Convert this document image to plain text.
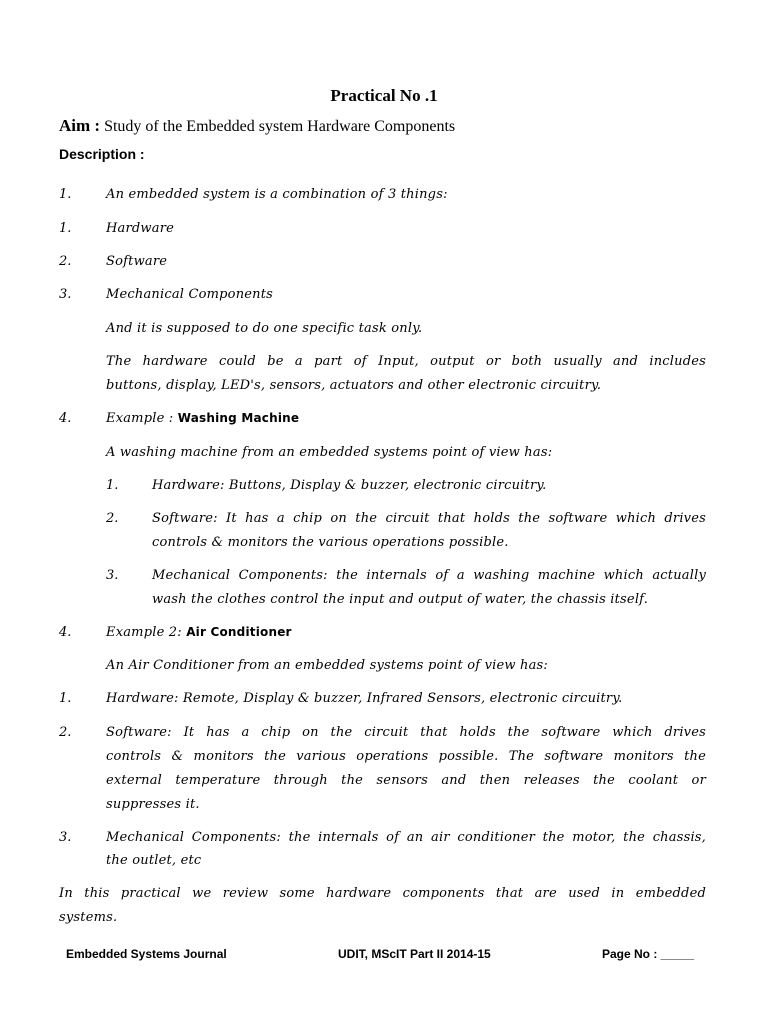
Practical No .1
Aim : Study of the Embedded system Hardware Components
Description :
1.	An embedded system is a combination of 3 things:
1.	Hardware
2.	Software
3.	Mechanical Components
And it is supposed to do one specific task only.
The hardware could be a part of Input, output or both usually and includes
buttons, display, LED's, sensors, actuators and other electronic circuitry.
4.	Example : Washing Machine
A washing machine from an embedded systems point of view has:
1.	Hardware: Buttons, Display & buzzer, electronic circuitry.
2.	Software: It has a chip on the circuit that holds the software which drives
controls & monitors the various operations possible.
3.	Mechanical Components: the internals of a washing machine which actually
wash the clothes control the input and output of water, the chassis itself.
4.	Example 2: Air Conditioner
An Air Conditioner from an embedded systems point of view has:
1.	Hardware: Remote, Display & buzzer, Infrared Sensors, electronic circuitry.
2.	Software: It has a chip on the circuit that holds the software which drives
controls & monitors the various operations possible. The software monitors the
external temperature through the sensors and then releases the coolant or
suppresses it.
3.	Mechanical Components: the internals of an air conditioner the motor, the chassis,
the outlet, etc
In this practical we review some hardware components that are used in embedded
systems.
Embedded Systems Journal	UDIT, MScIT Part II 2014-15	Page No : _____
